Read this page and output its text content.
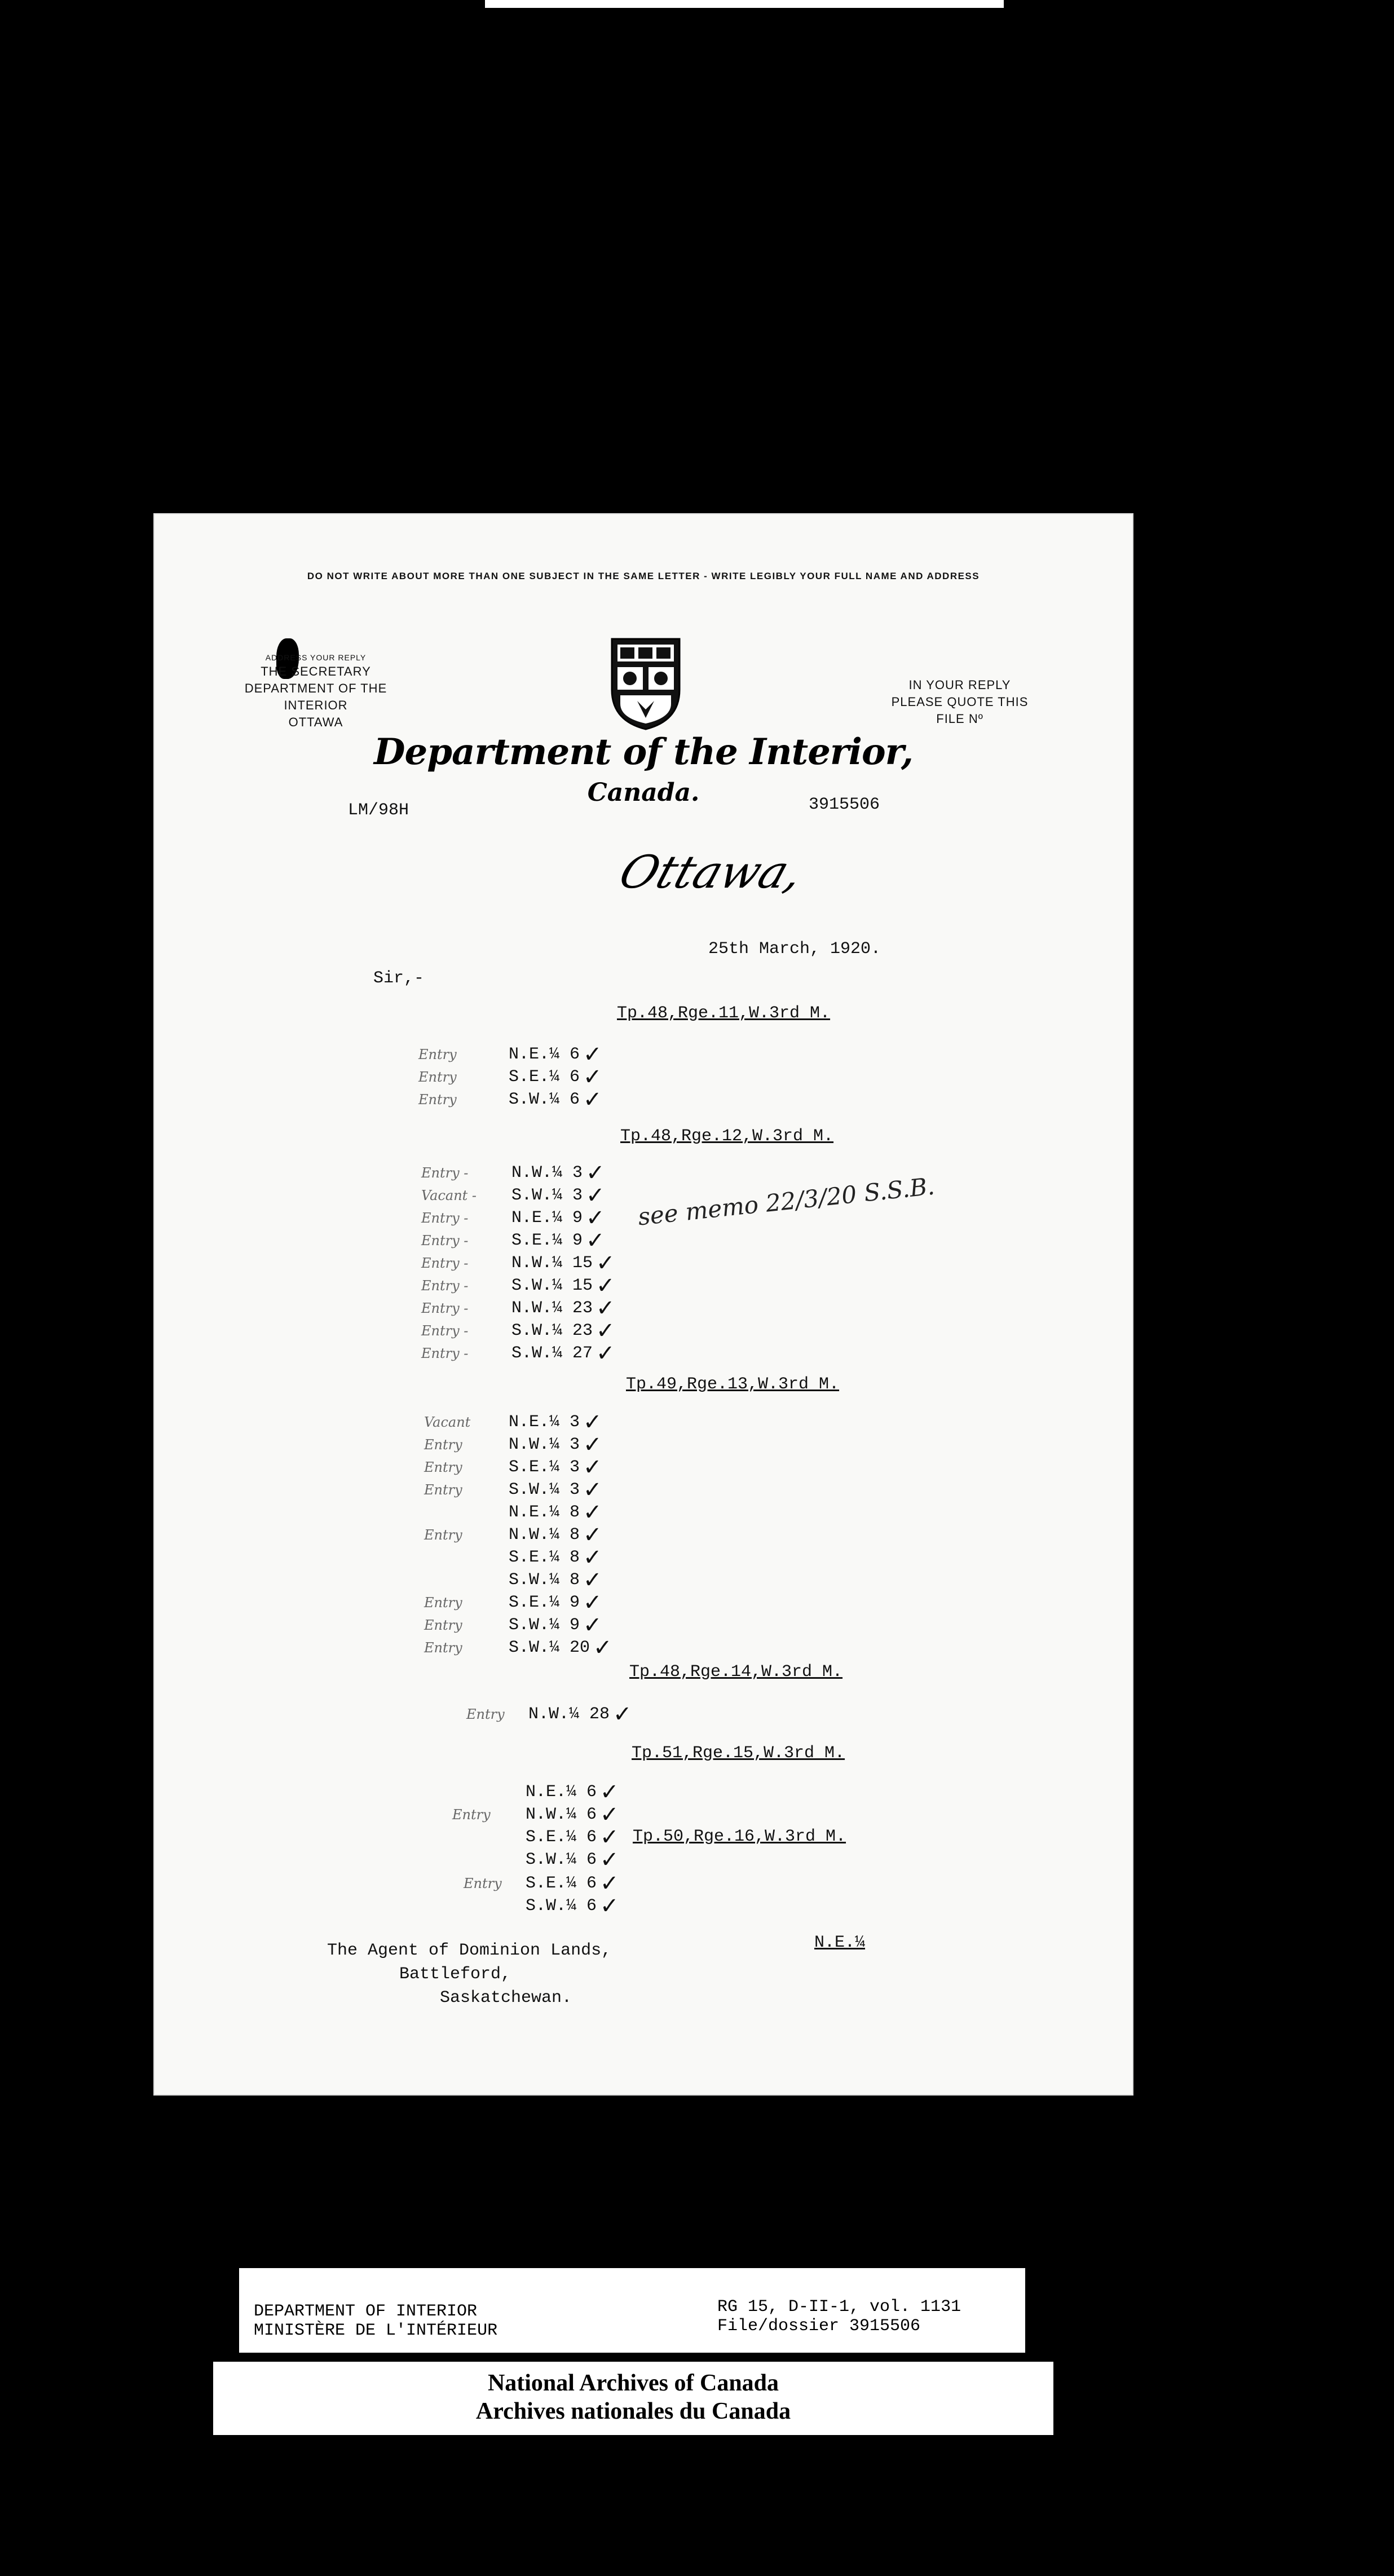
DO NOT WRITE ABOUT MORE THAN ONE SUBJECT IN THE SAME LETTER - WRITE LEGIBLY YOUR FULL NAME AND ADDRESS
ADDRESS YOUR REPLY
THE SECRETARY
DEPARTMENT OF THE INTERIOR
OTTAWA
IN YOUR REPLY
PLEASE QUOTE THIS
FILE Nº
Department of the Interior,
Canada.
LM/98H	3915506
Ottawa,
25th March, 1920.
Sir,-
Tp.48,Rge.11,W.3rd M.
Entry	N.E.¼ 6 ✓
Entry	S.E.¼ 6 ✓
Entry	S.W.¼ 6 ✓
Tp.48,Rge.12,W.3rd M.
Entry -	N.W.¼ 3 ✓
Vacant -	S.W.¼ 3 ✓
Entry -	N.E.¼ 9 ✓
Entry -	S.E.¼ 9 ✓
Entry -	N.W.¼ 15 ✓
Entry -	S.W.¼ 15 ✓
Entry -	N.W.¼ 23 ✓
Entry -	S.W.¼ 23 ✓
Entry -	S.W.¼ 27 ✓
see memo 22/3/20 S.S.B.
Tp.49,Rge.13,W.3rd M.
Vacant	N.E.¼ 3 ✓
Entry	N.W.¼ 3 ✓
Entry	S.E.¼ 3 ✓
Entry	S.W.¼ 3 ✓
N.E.¼ 8 ✓
Entry	N.W.¼ 8 ✓
S.E.¼ 8 ✓
S.W.¼ 8 ✓
Entry	S.E.¼ 9 ✓
Entry	S.W.¼ 9 ✓
Entry	S.W.¼ 20 ✓
Tp.48,Rge.14,W.3rd M.
Entry	N.W.¼ 28 ✓
Tp.51,Rge.15,W.3rd M.
N.E.¼ 6 ✓
Entry	N.W.¼ 6 ✓
S.E.¼ 6 ✓
S.W.¼ 6 ✓
Tp.50,Rge.16,W.3rd M.
Entry	S.E.¼ 6 ✓
S.W.¼ 6 ✓
The Agent of Dominion Lands,
Battleford,
Saskatchewan.
N.E.¼
DEPARTMENT OF INTERIOR
MINISTÈRE DE L'INTÉRIEUR
RG 15, D-II-1, vol. 1131
File/dossier 3915506
National Archives of Canada
Archives nationales du Canada
